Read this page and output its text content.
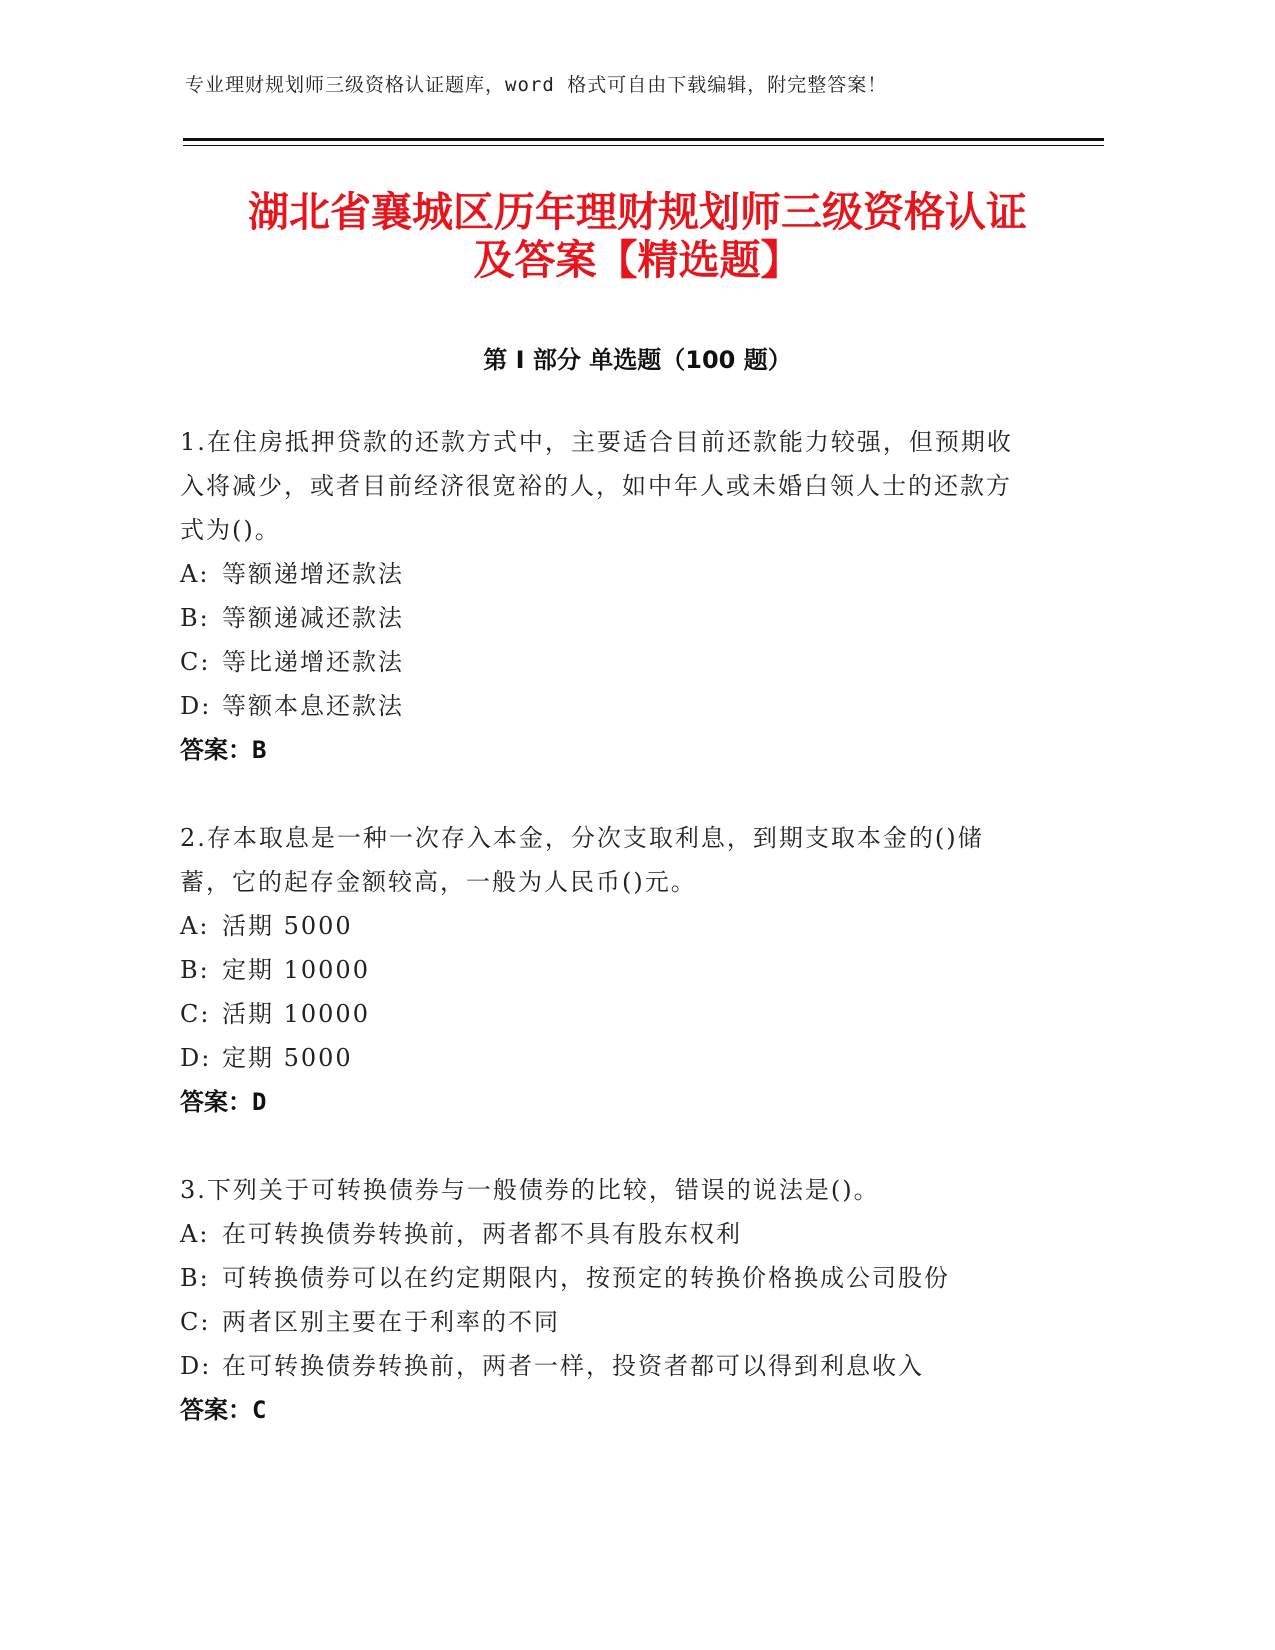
专业理财规划师三级资格认证题库，word 格式可自由下载编辑，附完整答案！
湖北省襄城区历年理财规划师三级资格认证
及答案【精选题】
第 I 部分 单选题（100 题）

1.在住房抵押贷款的还款方式中，主要适合目前还款能力较强，但预期收入将减少，或者目前经济很宽裕的人，如中年人或未婚白领人士的还款方式为()。

A: 等额递增还款法

B: 等额递减还款法

C: 等比递增还款法

D: 等额本息还款法

答案：B

2.存本取息是一种一次存入本金，分次支取利息，到期支取本金的()储蓄，它的起存金额较高，一般为人民币()元。

A: 活期 5000

B: 定期 10000

C: 活期 10000

D: 定期 5000

答案：D

3.下列关于可转换债券与一般债券的比较，错误的说法是()。

A: 在可转换债券转换前，两者都不具有股东权利

B: 可转换债券可以在约定期限内，按预定的转换价格换成公司股份

C: 两者区别主要在于利率的不同

D: 在可转换债券转换前，两者一样，投资者都可以得到利息收入

答案：C
